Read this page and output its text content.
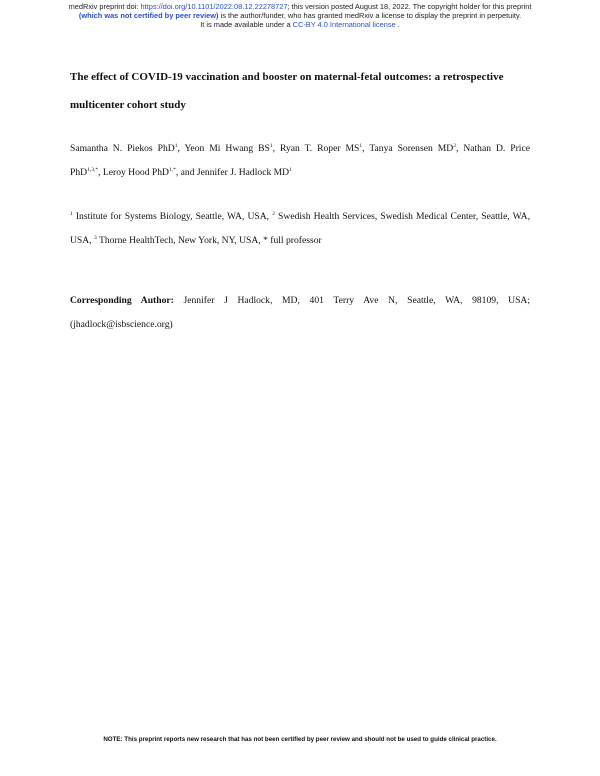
medRxiv preprint doi: https://doi.org/10.1101/2022.08.12.22278727; this version posted August 18, 2022. The copyright holder for this preprint
(which was not certified by peer review) is the author/funder, who has granted medRxiv a license to display the preprint in perpetuity.
It is made available under a CC-BY 4.0 International license .
The effect of COVID-19 vaccination and booster on maternal-fetal outcomes: a retrospective
multicenter cohort study
Samantha N. Piekos PhD$^1$, Yeon Mi Hwang $BS^1$, Ryan T. Roper $MS^1$, Tanya Sorensen $MD^2$, Nathan D. Price
PhD$^{1,3,*}$, Leroy Hood PhD$^{1,*}$, and Jennifer J. Hadlock $MD^1$
$^1$ Institute for Systems Biology, Seattle, WA, USA, $^2$ Swedish Health Services, Swedish Medical Center, Seattle, WA,
USA, $^3$ Thorne HealthTech, New York, NY, USA, * full professor
Corresponding Author: Jennifer J Hadlock, MD, 401 Terry Ave N, Seattle, WA, 98109, USA;
(jhadlock@isbscience.org)
NOTE: This preprint reports new research that has not been certified by peer review and should not be used to guide clinical practice.
